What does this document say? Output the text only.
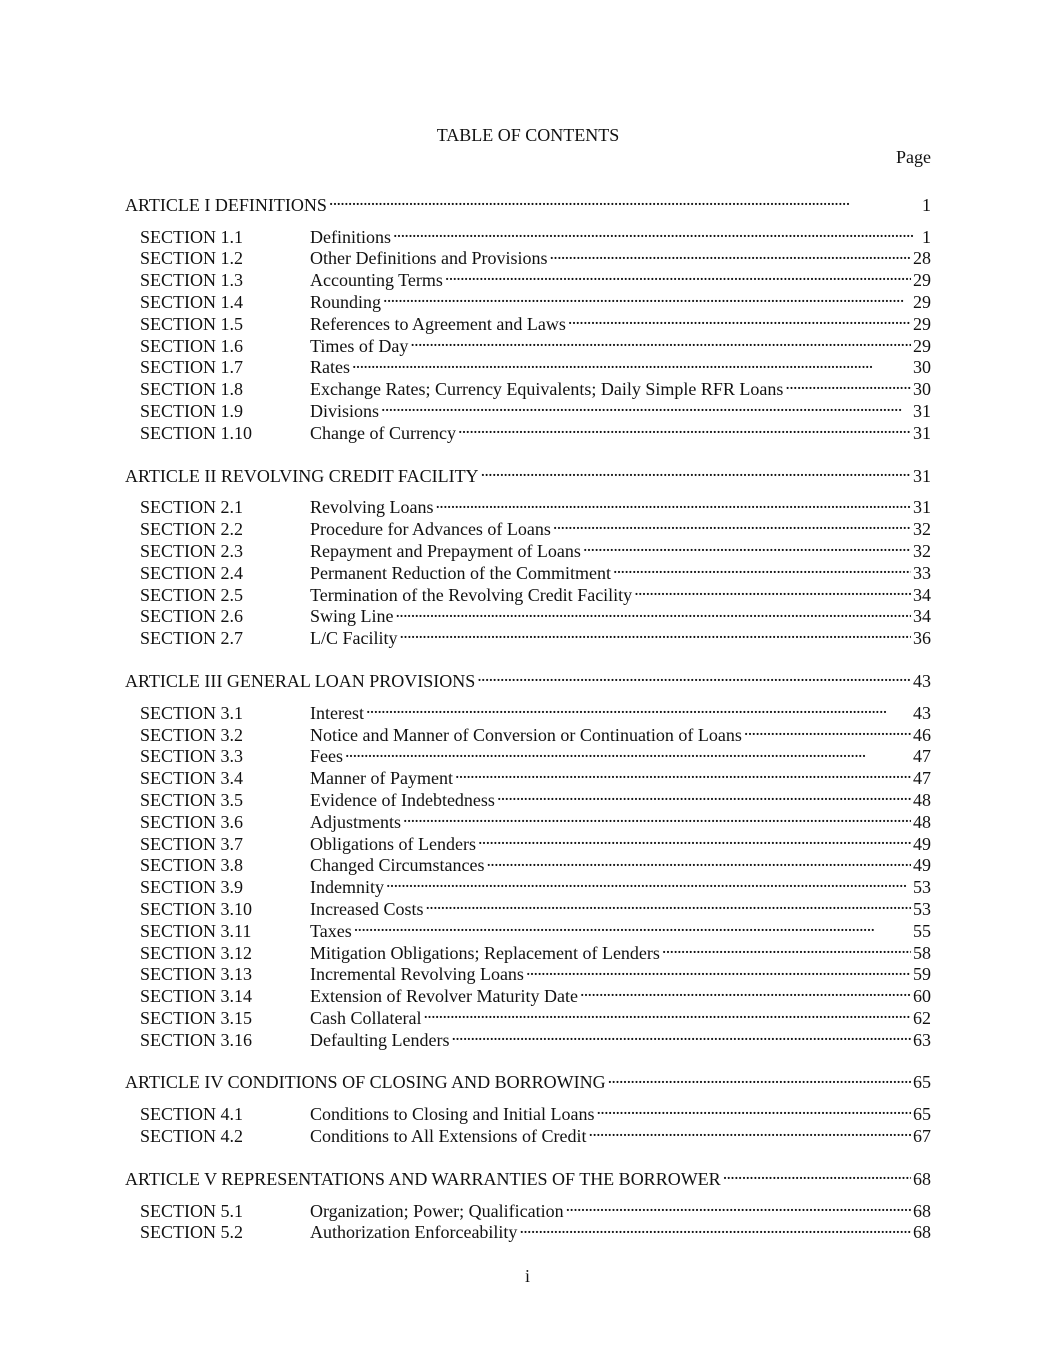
TABLE OF CONTENTS
Page
ARTICLE I DEFINITIONS . . .	1
SECTION 1.1	Definitions . . .	1
SECTION 1.2	Other Definitions and Provisions . . .	28
SECTION 1.3	Accounting Terms . . .	29
SECTION 1.4	Rounding . . .	29
SECTION 1.5	References to Agreement and Laws . . .	29
SECTION 1.6	Times of Day . . .	29
SECTION 1.7	Rates . . .	30
SECTION 1.8	Exchange Rates; Currency Equivalents; Daily Simple RFR Loans . . .	30
SECTION 1.9	Divisions . . .	31
SECTION 1.10	Change of Currency . . .	31
ARTICLE II REVOLVING CREDIT FACILITY . . .	31
SECTION 2.1	Revolving Loans . . .	31
SECTION 2.2	Procedure for Advances of Loans . . .	32
SECTION 2.3	Repayment and Prepayment of Loans . . .	32
SECTION 2.4	Permanent Reduction of the Commitment . . .	33
SECTION 2.5	Termination of the Revolving Credit Facility . . .	34
SECTION 2.6	Swing Line . . .	34
SECTION 2.7	L/C Facility . . .	36
ARTICLE III GENERAL LOAN PROVISIONS . . .	43
SECTION 3.1	Interest . . .	43
SECTION 3.2	Notice and Manner of Conversion or Continuation of Loans . . .	46
SECTION 3.3	Fees . . .	47
SECTION 3.4	Manner of Payment . . .	47
SECTION 3.5	Evidence of Indebtedness . . .	48
SECTION 3.6	Adjustments . . .	48
SECTION 3.7	Obligations of Lenders . . .	49
SECTION 3.8	Changed Circumstances . . .	49
SECTION 3.9	Indemnity . . .	53
SECTION 3.10	Increased Costs . . .	53
SECTION 3.11	Taxes . . .	55
SECTION 3.12	Mitigation Obligations; Replacement of Lenders . . .	58
SECTION 3.13	Incremental Revolving Loans . . .	59
SECTION 3.14	Extension of Revolver Maturity Date . . .	60
SECTION 3.15	Cash Collateral . . .	62
SECTION 3.16	Defaulting Lenders . . .	63
ARTICLE IV CONDITIONS OF CLOSING AND BORROWING . . .	65
SECTION 4.1	Conditions to Closing and Initial Loans . . .	65
SECTION 4.2	Conditions to All Extensions of Credit . . .	67
ARTICLE V REPRESENTATIONS AND WARRANTIES OF THE BORROWER . . .	68
SECTION 5.1	Organization; Power; Qualification . . .	68
SECTION 5.2	Authorization Enforceability . . .	68
i
